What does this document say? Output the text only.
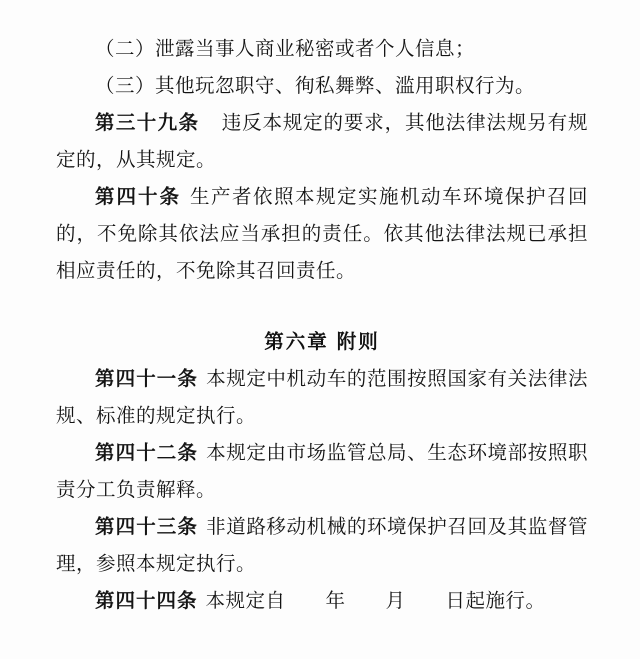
（二）泄露当事人商业秘密或者个人信息；

（三）其他玩忽职守、徇私舞弊、滥用职权行为。

第三十九条 违反本规定的要求，其他法律法规另有规定的，从其规定。

第四十条 生产者依照本规定实施机动车环境保护召回的，不免除其依法应当承担的责任。依其他法律法规已承担相应责任的，不免除其召回责任。

第六章 附则

第四十一条 本规定中机动车的范围按照国家有关法律法规、标准的规定执行。

第四十二条 本规定由市场监管总局、生态环境部按照职责分工负责解释。

第四十三条 非道路移动机械的环境保护召回及其监督管理，参照本规定执行。

第四十四条 本规定自　　年　　月　　日起施行。
